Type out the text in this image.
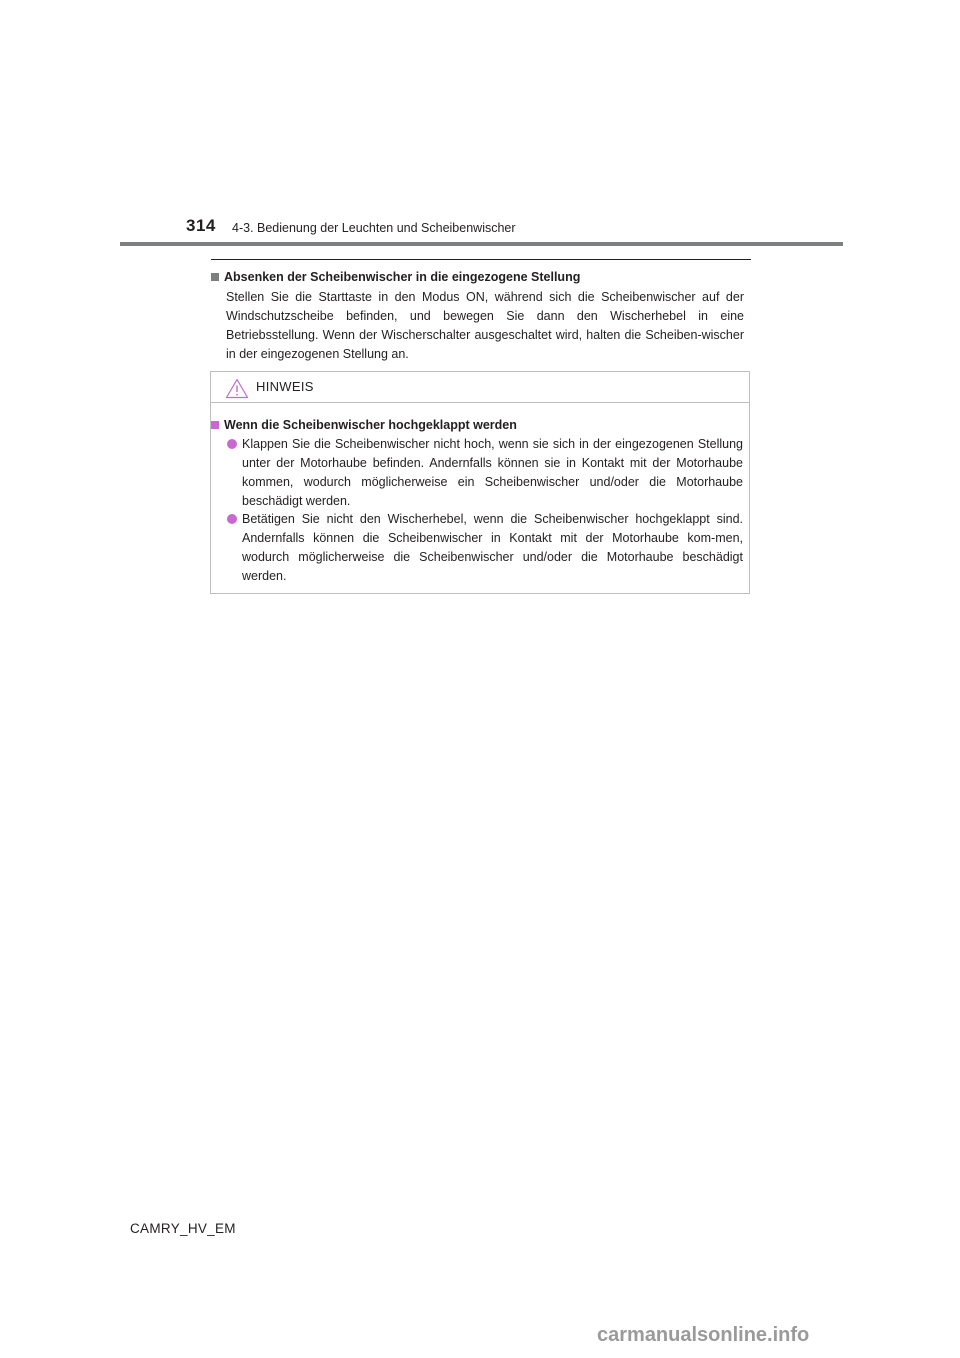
314 4-3. Bedienung der Leuchten und Scheibenwischer
Absenken der Scheibenwischer in die eingezogene Stellung
Stellen Sie die Starttaste in den Modus ON, während sich die Scheibenwischer auf der Windschutzscheibe befinden, und bewegen Sie dann den Wischerhebel in eine Betriebsstellung. Wenn der Wischerschalter ausgeschaltet wird, halten die Scheiben-wischer in der eingezogenen Stellung an.
HINWEIS
Wenn die Scheibenwischer hochgeklappt werden
Klappen Sie die Scheibenwischer nicht hoch, wenn sie sich in der eingezogenen Stellung unter der Motorhaube befinden. Andernfalls können sie in Kontakt mit der Motorhaube kommen, wodurch möglicherweise ein Scheibenwischer und/oder die Motorhaube beschädigt werden.
Betätigen Sie nicht den Wischerhebel, wenn die Scheibenwischer hochgeklappt sind. Andernfalls können die Scheibenwischer in Kontakt mit der Motorhaube kom-men, wodurch möglicherweise die Scheibenwischer und/oder die Motorhaube beschädigt werden.
CAMRY_HV_EM
carmanualsonline.info
